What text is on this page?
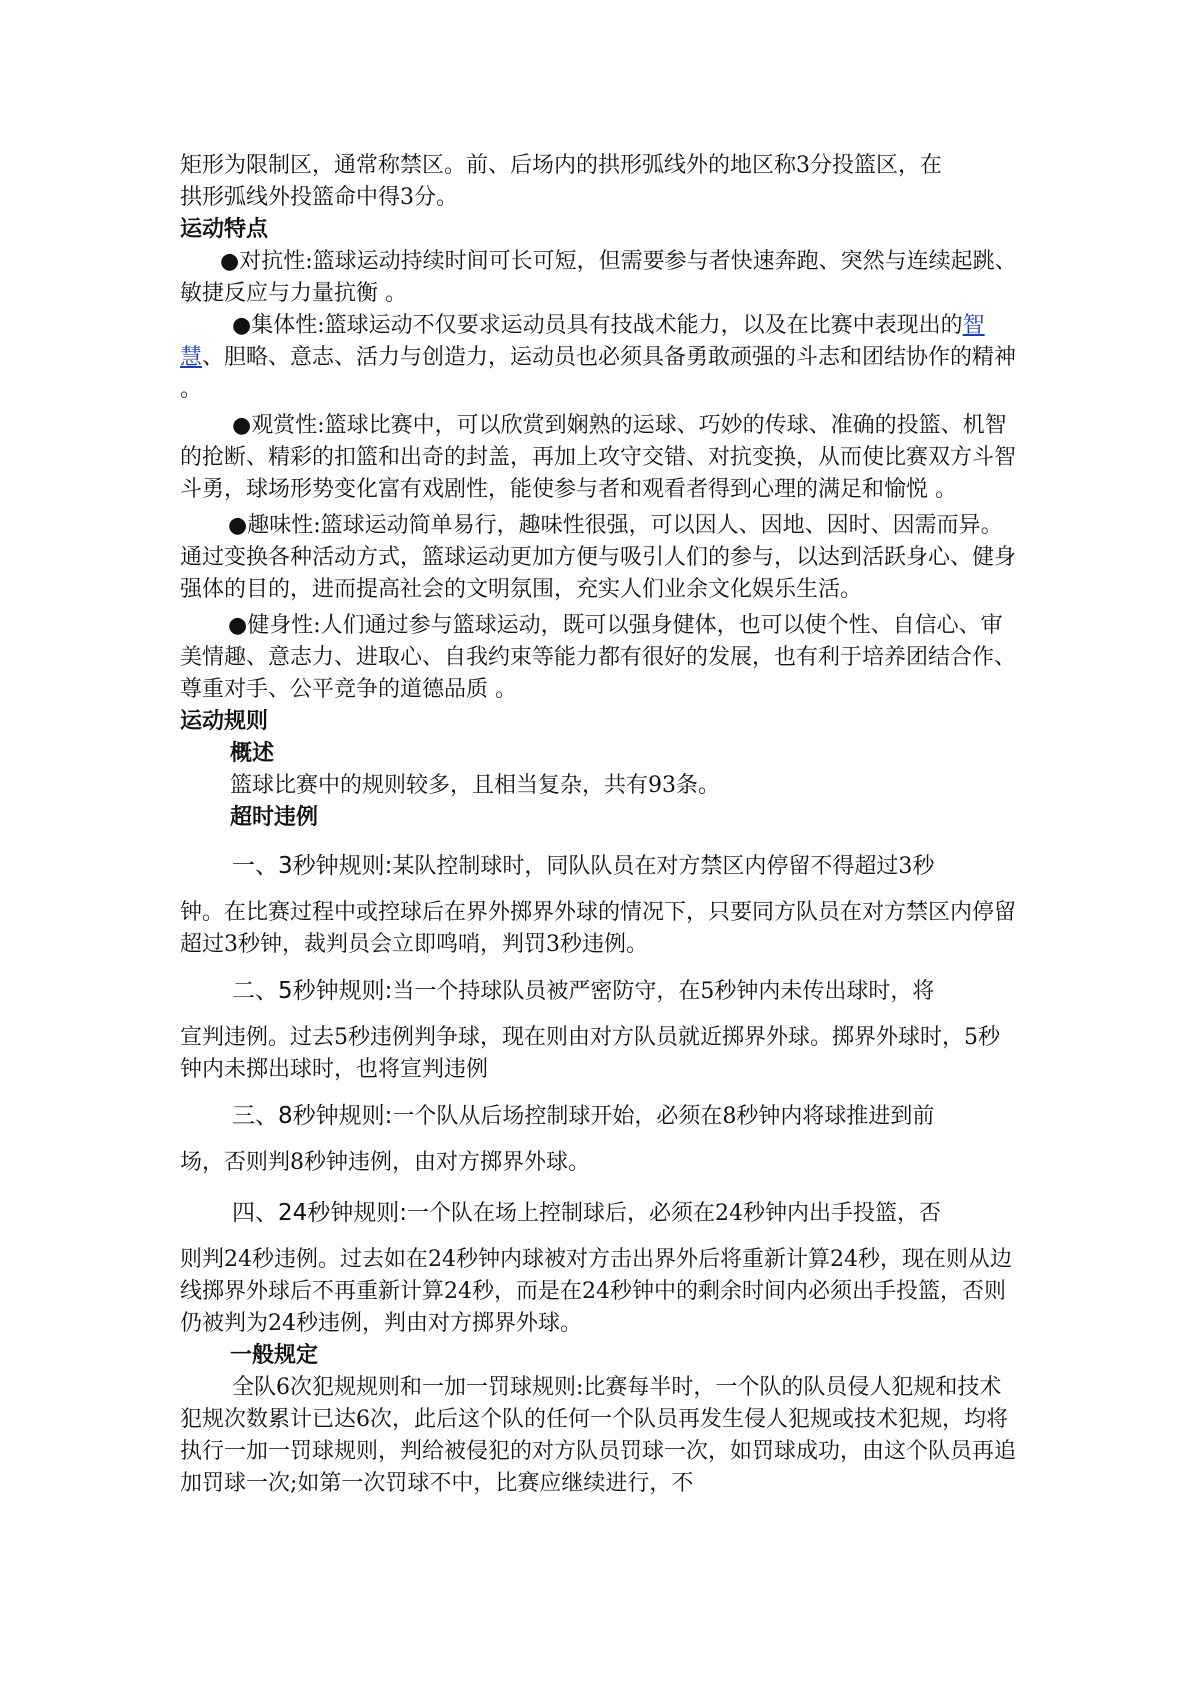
矩形为限制区，通常称禁区。前、后场内的拱形弧线外的地区称3分投篮区，在

拱形弧线外投篮命中得3分。

运动特点

●对抗性:篮球运动持续时间可长可短，但需要参与者快速奔跑、突然与连续起跳、敏捷反应与力量抗衡 。

●集体性:篮球运动不仅要求运动员具有技战术能力，以及在比赛中表现出的智慧、胆略、意志、活力与创造力，运动员也必须具备勇敢顽强的斗志和团结协作的精神 。

●观赏性:篮球比赛中，可以欣赏到娴熟的运球、巧妙的传球、准确的投篮、机智的抢断、精彩的扣篮和出奇的封盖，再加上攻守交错、对抗变换，从而使比赛双方斗智斗勇，球场形势变化富有戏剧性，能使参与者和观看者得到心理的满足和愉悦 。

●趣味性:篮球运动简单易行，趣味性很强，可以因人、因地、因时、因需而异。通过变换各种活动方式，篮球运动更加方便与吸引人们的参与，以达到活跃身心、健身强体的目的，进而提高社会的文明氛围，充实人们业余文化娱乐生活。

●健身性:人们通过参与篮球运动，既可以强身健体，也可以使个性、自信心、审美情趣、意志力、进取心、自我约束等能力都有很好的发展，也有利于培养团结合作、尊重对手、公平竞争的道德品质 。

运动规则

概述

篮球比赛中的规则较多，且相当复杂，共有93条。

超时违例

一、3秒钟规则:某队控制球时，同队队员在对方禁区内停留不得超过3秒

钟。在比赛过程中或控球后在界外掷界外球的情况下，只要同方队员在对方禁区内停留超过3秒钟，裁判员会立即鸣哨，判罚3秒违例。

二、5秒钟规则:当一个持球队员被严密防守，在5秒钟内未传出球时，将

宣判违例。过去5秒违例判争球，现在则由对方队员就近掷界外球。掷界外球时，5秒钟内未掷出球时，也将宣判违例

三、8秒钟规则:一个队从后场控制球开始，必须在8秒钟内将球推进到前

场，否则判8秒钟违例，由对方掷界外球。

四、24秒钟规则:一个队在场上控制球后，必须在24秒钟内出手投篮，否

则判24秒违例。过去如在24秒钟内球被对方击出界外后将重新计算24秒，现在则从边线掷界外球后不再重新计算24秒，而是在24秒钟中的剩余时间内必须出手投篮，否则仍被判为24秒违例，判由对方掷界外球。

一般规定

全队6次犯规规则和一加一罚球规则:比赛每半时，一个队的队员侵人犯规和技术犯规次数累计已达6次，此后这个队的任何一个队员再发生侵人犯规或技术犯规，均将执行一加一罚球规则，判给被侵犯的对方队员罚球一次，如罚球成功，由这个队员再追加罚球一次;如第一次罚球不中，比赛应继续进行，不
